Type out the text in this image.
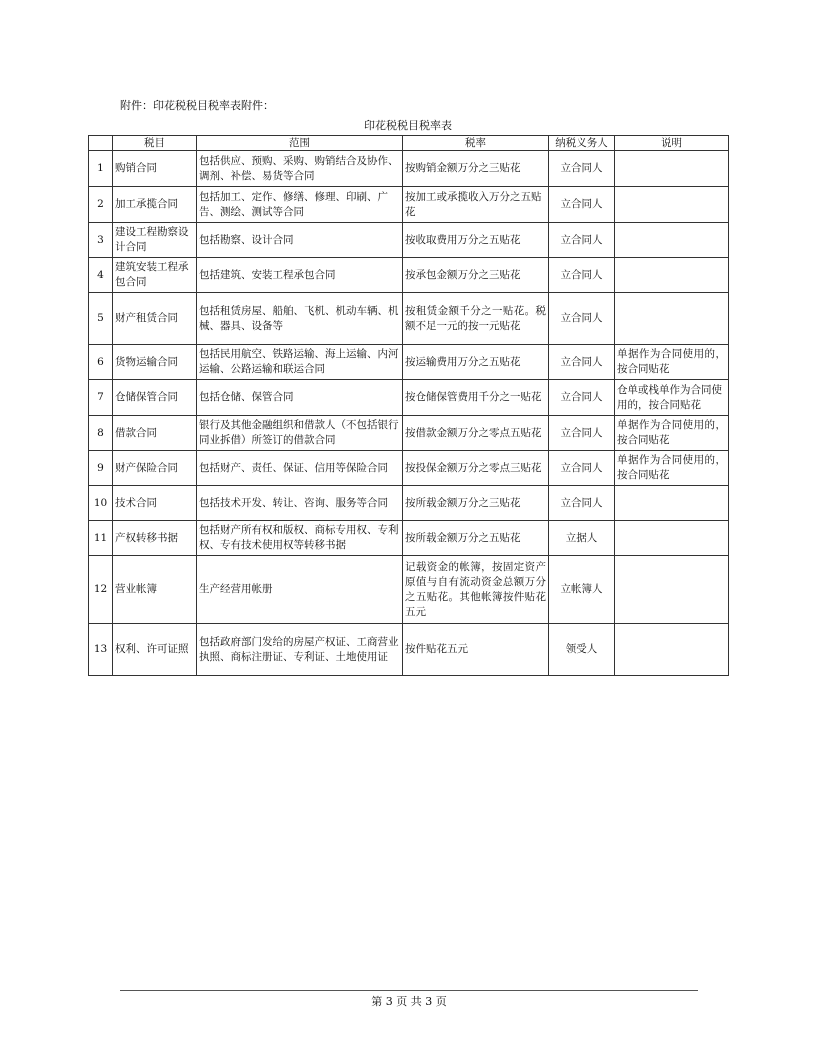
附件：印花税税目税率表附件：
印花税税目税率表
	税目	范围	税率	纳税义务人	说明
1	购销合同	包括供应、预购、采购、购销结合及协作、调剂、补偿、易货等合同	按购销金额万分之三贴花	立合同人	
2	加工承揽合同	包括加工、定作、修缮、修理、印刷、广告、测绘、测试等合同	按加工或承揽收入万分之五贴花	立合同人	
3	建设工程勘察设计合同	包括勘察、设计合同	按收取费用万分之五贴花	立合同人	
4	建筑安装工程承包合同	包括建筑、安装工程承包合同	按承包金额万分之三贴花	立合同人	
5	财产租赁合同	包括租赁房屋、船舶、飞机、机动车辆、机械、器具、设备等	按租赁金额千分之一贴花。税额不足一元的按一元贴花	立合同人	
6	货物运输合同	包括民用航空、铁路运输、海上运输、内河运输、公路运输和联运合同	按运输费用万分之五贴花	立合同人	单据作为合同使用的，按合同贴花
7	仓储保管合同	包括仓储、保管合同	按仓储保管费用千分之一贴花	立合同人	仓单或栈单作为合同使用的，按合同贴花
8	借款合同	银行及其他金融组织和借款人（不包括银行同业拆借）所签订的借款合同	按借款金额万分之零点五贴花	立合同人	单据作为合同使用的，按合同贴花
9	财产保险合同	包括财产、责任、保证、信用等保险合同	按投保金额万分之零点三贴花	立合同人	单据作为合同使用的，按合同贴花
10	技术合同	包括技术开发、转让、咨询、服务等合同	按所载金额万分之三贴花	立合同人	
11	产权转移书据	包括财产所有权和版权、商标专用权、专利权、专有技术使用权等转移书据	按所载金额万分之五贴花	立据人	
12	营业帐簿	生产经营用帐册	记载资金的帐簿，按固定资产原值与自有流动资金总额万分之五贴花。其他帐簿按件贴花五元	立帐簿人	
13	权利、许可证照	包括政府部门发给的房屋产权证、工商营业执照、商标注册证、专利证、土地使用证	按件贴花五元	领受人	
第 3 页 共 3 页
